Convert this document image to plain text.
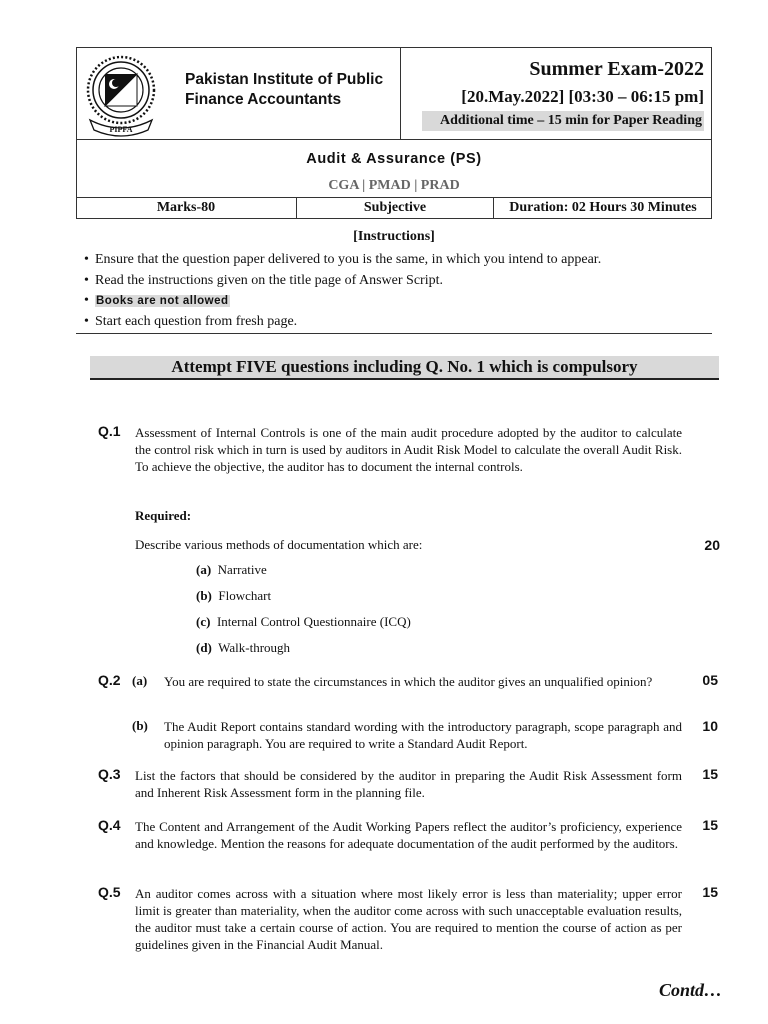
PIPFA
Pakistan Institute of Public
Finance Accountants
Summer Exam-2022
[20.May.2022] [03:30 – 06:15 pm]
Additional time – 15 min for Paper Reading
Audit & Assurance (PS)
CGA | PMAD | PRAD
Marks-80	Subjective	Duration: 02 Hours 30 Minutes
[Instructions]
• Ensure that the question paper delivered to you is the same, in which you intend to appear.
• Read the instructions given on the title page of Answer Script.
• Books are not allowed
• Start each question from fresh page.
Attempt FIVE questions including Q. No. 1 which is compulsory
Q.1 Assessment of Internal Controls is one of the main audit procedure adopted by the auditor to calculate the control risk which in turn is used by auditors in Audit Risk Model to calculate the overall Audit Risk. To achieve the objective, the auditor has to document the internal controls.
Required:
Describe various methods of documentation which are:	20
(a) Narrative
(b) Flowchart
(c) Internal Control Questionnaire (ICQ)
(d) Walk-through
Q.2 (a) You are required to state the circumstances in which the auditor gives an unqualified opinion?	05
(b) The Audit Report contains standard wording with the introductory paragraph, scope paragraph and opinion paragraph. You are required to write a Standard Audit Report.
10
Q.3 List the factors that should be considered by the auditor in preparing the Audit Risk Assessment form and Inherent Risk Assessment form in the planning file.
15
Q.4 The Content and Arrangement of the Audit Working Papers reflect the auditor’s proficiency, experience and knowledge. Mention the reasons for adequate documentation of the audit performed by the auditors.
15
Q.5 An auditor comes across with a situation where most likely error is less than materiality; upper error limit is greater than materiality, when the auditor come across with such unacceptable evaluation results, the auditor must take a certain course of action. You are required to mention the course of action as per guidelines given in the Financial Audit Manual.
15
Contd…
